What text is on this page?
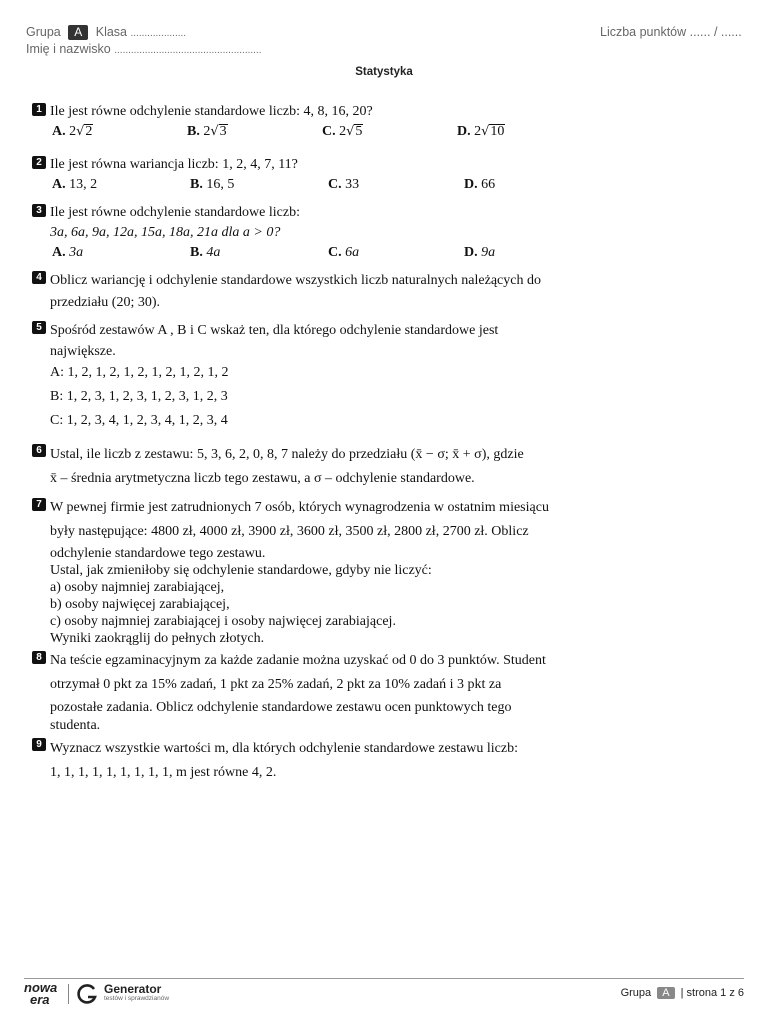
Grupa A Klasa ....................
Imię i nazwisko .....................................................
Liczba punktów ...... / ......
Statystyka
1 Ile jest równe odchylenie standardowe liczb: 4, 8, 16, 20?
A. 2√2	B. 2√3	C. 2√5	D. 2√10
2 Ile jest równa wariancja liczb: 1, 2, 4, 7, 11?
A. 13, 2	B. 16, 5	C. 33	D. 66
3 Ile jest równe odchylenie standardowe liczb:
3a, 6a, 9a, 12a, 15a, 18a, 21a dla a > 0?
A. 3a	B. 4a	C. 6a	D. 9a
4 Oblicz wariancję i odchylenie standardowe wszystkich liczb naturalnych należących do
przedziału (20; 30).
5 Spośród zestawów A , B i C wskaż ten, dla którego odchylenie standardowe jest
największe.
A: 1, 2, 1, 2, 1, 2, 1, 2, 1, 2, 1, 2
B: 1, 2, 3, 1, 2, 3, 1, 2, 3, 1, 2, 3
C: 1, 2, 3, 4, 1, 2, 3, 4, 1, 2, 3, 4
6 Ustal, ile liczb z zestawu: 5, 3, 6, 2, 0, 8, 7 należy do przedziału (x̄ − σ; x̄ + σ), gdzie
x̄ – średnia arytmetyczna liczb tego zestawu, a σ – odchylenie standardowe.
7 W pewnej firmie jest zatrudnionych 7 osób, których wynagrodzenia w ostatnim miesiącu
były następujące: 4800 zł, 4000 zł, 3900 zł, 3600 zł, 3500 zł, 2800 zł, 2700 zł. Oblicz
odchylenie standardowe tego zestawu.
Ustal, jak zmieniłoby się odchylenie standardowe, gdyby nie liczyć:
a) osoby najmniej zarabiającej,
b) osoby najwięcej zarabiającej,
c) osoby najmniej zarabiającej i osoby najwięcej zarabiającej.
Wyniki zaokrąglij do pełnych złotych.
8 Na teście egzaminacyjnym za każde zadanie można uzyskać od 0 do 3 punktów. Student
otrzymał 0 pkt za 15% zadań, 1 pkt za 25% zadań, 2 pkt za 10% zadań i 3 pkt za
pozostałe zadania. Oblicz odchylenie standardowe zestawu ocen punktowych tego
studenta.
9 Wyznacz wszystkie wartości m, dla których odchylenie standardowe zestawu liczb:
1, 1, 1, 1, 1, 1, 1, 1, 1, m jest równe 4, 2.
nowa
era
Generator
testów i sprawdzianów	Grupa A | strona 1 z 6
